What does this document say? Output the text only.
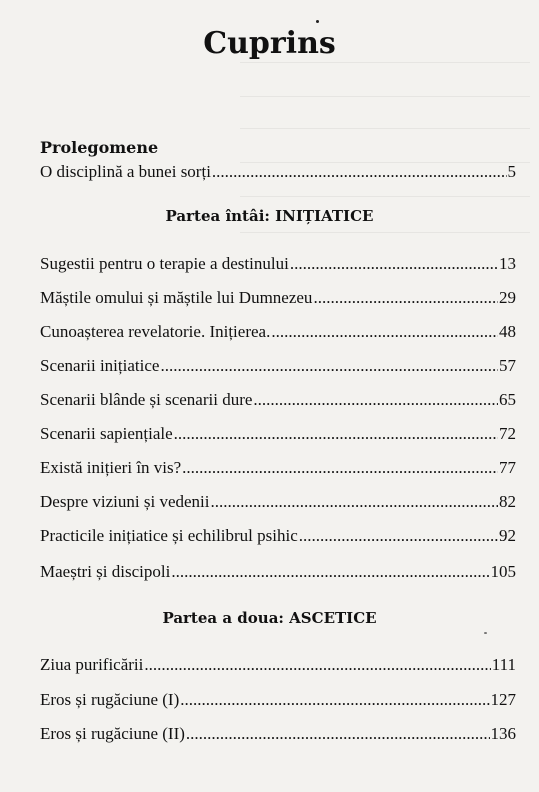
Cuprins
Prolegomene
O disciplină a bunei sorți .....	5
Partea întâi: INIȚIATICE
Sugestii pentru o terapie a destinului .....	13
Măștile omului și măștile lui Dumnezeu .....	29
Cunoașterea revelatorie. Inițierea. .....	48
Scenarii inițiatice .....	57
Scenarii blânde și scenarii dure .....	65
Scenarii sapiențiale .....	72
Există inițieri în vis? .....	77
Despre viziuni și vedenii .....	82
Practicile inițiatice și echilibrul psihic .....	92
Maeștri și discipoli .....	105
Partea a doua: ASCETICE
Ziua purificării .....	111
Eros și rugăciune (I) .....	127
Eros și rugăciune (II) .....	136
